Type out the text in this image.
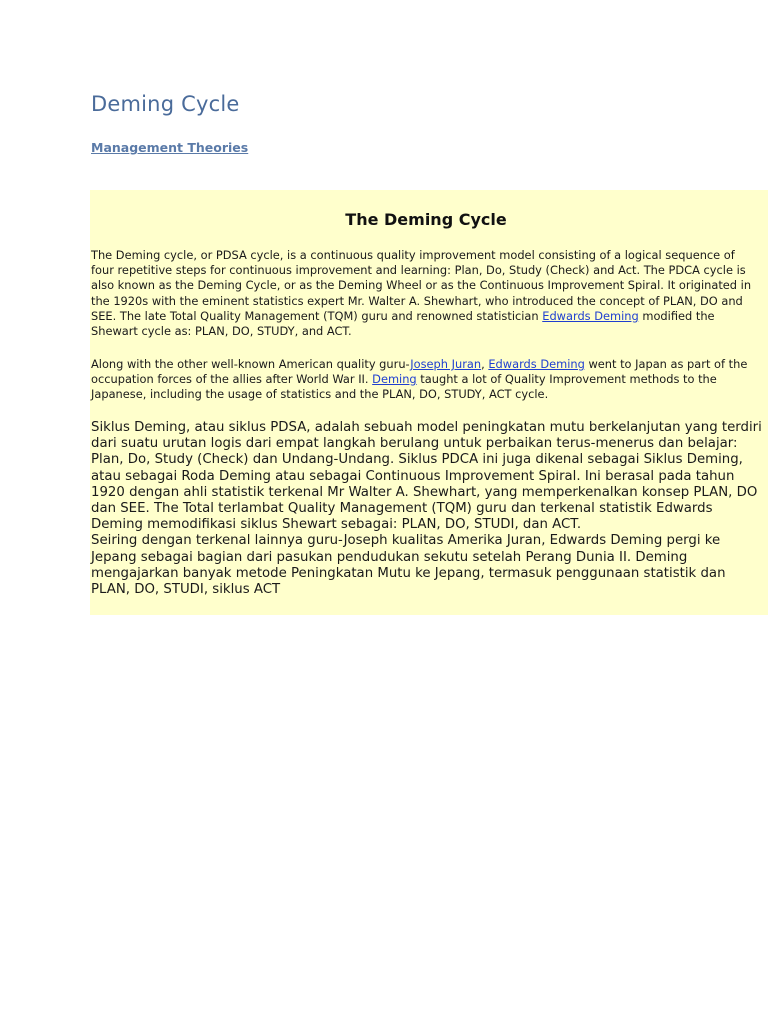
Deming Cycle
Management Theories
The Deming Cycle

The Deming cycle, or PDSA cycle, is a continuous quality improvement model consisting of a logical sequence of four repetitive steps for continuous improvement and learning: Plan, Do, Study (Check) and Act. The PDCA cycle is also known as the Deming Cycle, or as the Deming Wheel or as the Continuous Improvement Spiral. It originated in the 1920s with the eminent statistics expert Mr. Walter A. Shewhart, who introduced the concept of PLAN, DO and SEE. The late Total Quality Management (TQM) guru and renowned statistician Edwards Deming modified the Shewart cycle as: PLAN, DO, STUDY, and ACT.

Along with the other well-known American quality guru-Joseph Juran, Edwards Deming went to Japan as part of the occupation forces of the allies after World War II. Deming taught a lot of Quality Improvement methods to the Japanese, including the usage of statistics and the PLAN, DO, STUDY, ACT cycle.

Siklus Deming, atau siklus PDSA, adalah sebuah model peningkatan mutu berkelanjutan yang terdiri dari suatu urutan logis dari empat langkah berulang untuk perbaikan terus-menerus dan belajar: Plan, Do, Study (Check) dan Undang-Undang. Siklus PDCA ini juga dikenal sebagai Siklus Deming, atau sebagai Roda Deming atau sebagai Continuous Improvement Spiral. Ini berasal pada tahun 1920 dengan ahli statistik terkenal Mr Walter A. Shewhart, yang memperkenalkan konsep PLAN, DO dan SEE. The Total terlambat Quality Management (TQM) guru dan terkenal statistik Edwards Deming memodifikasi siklus Shewart sebagai: PLAN, DO, STUDI, dan ACT.
Seiring dengan terkenal lainnya guru-Joseph kualitas Amerika Juran, Edwards Deming pergi ke Jepang sebagai bagian dari pasukan pendudukan sekutu setelah Perang Dunia II. Deming mengajarkan banyak metode Peningkatan Mutu ke Jepang, termasuk penggunaan statistik dan PLAN, DO, STUDI, siklus ACT
